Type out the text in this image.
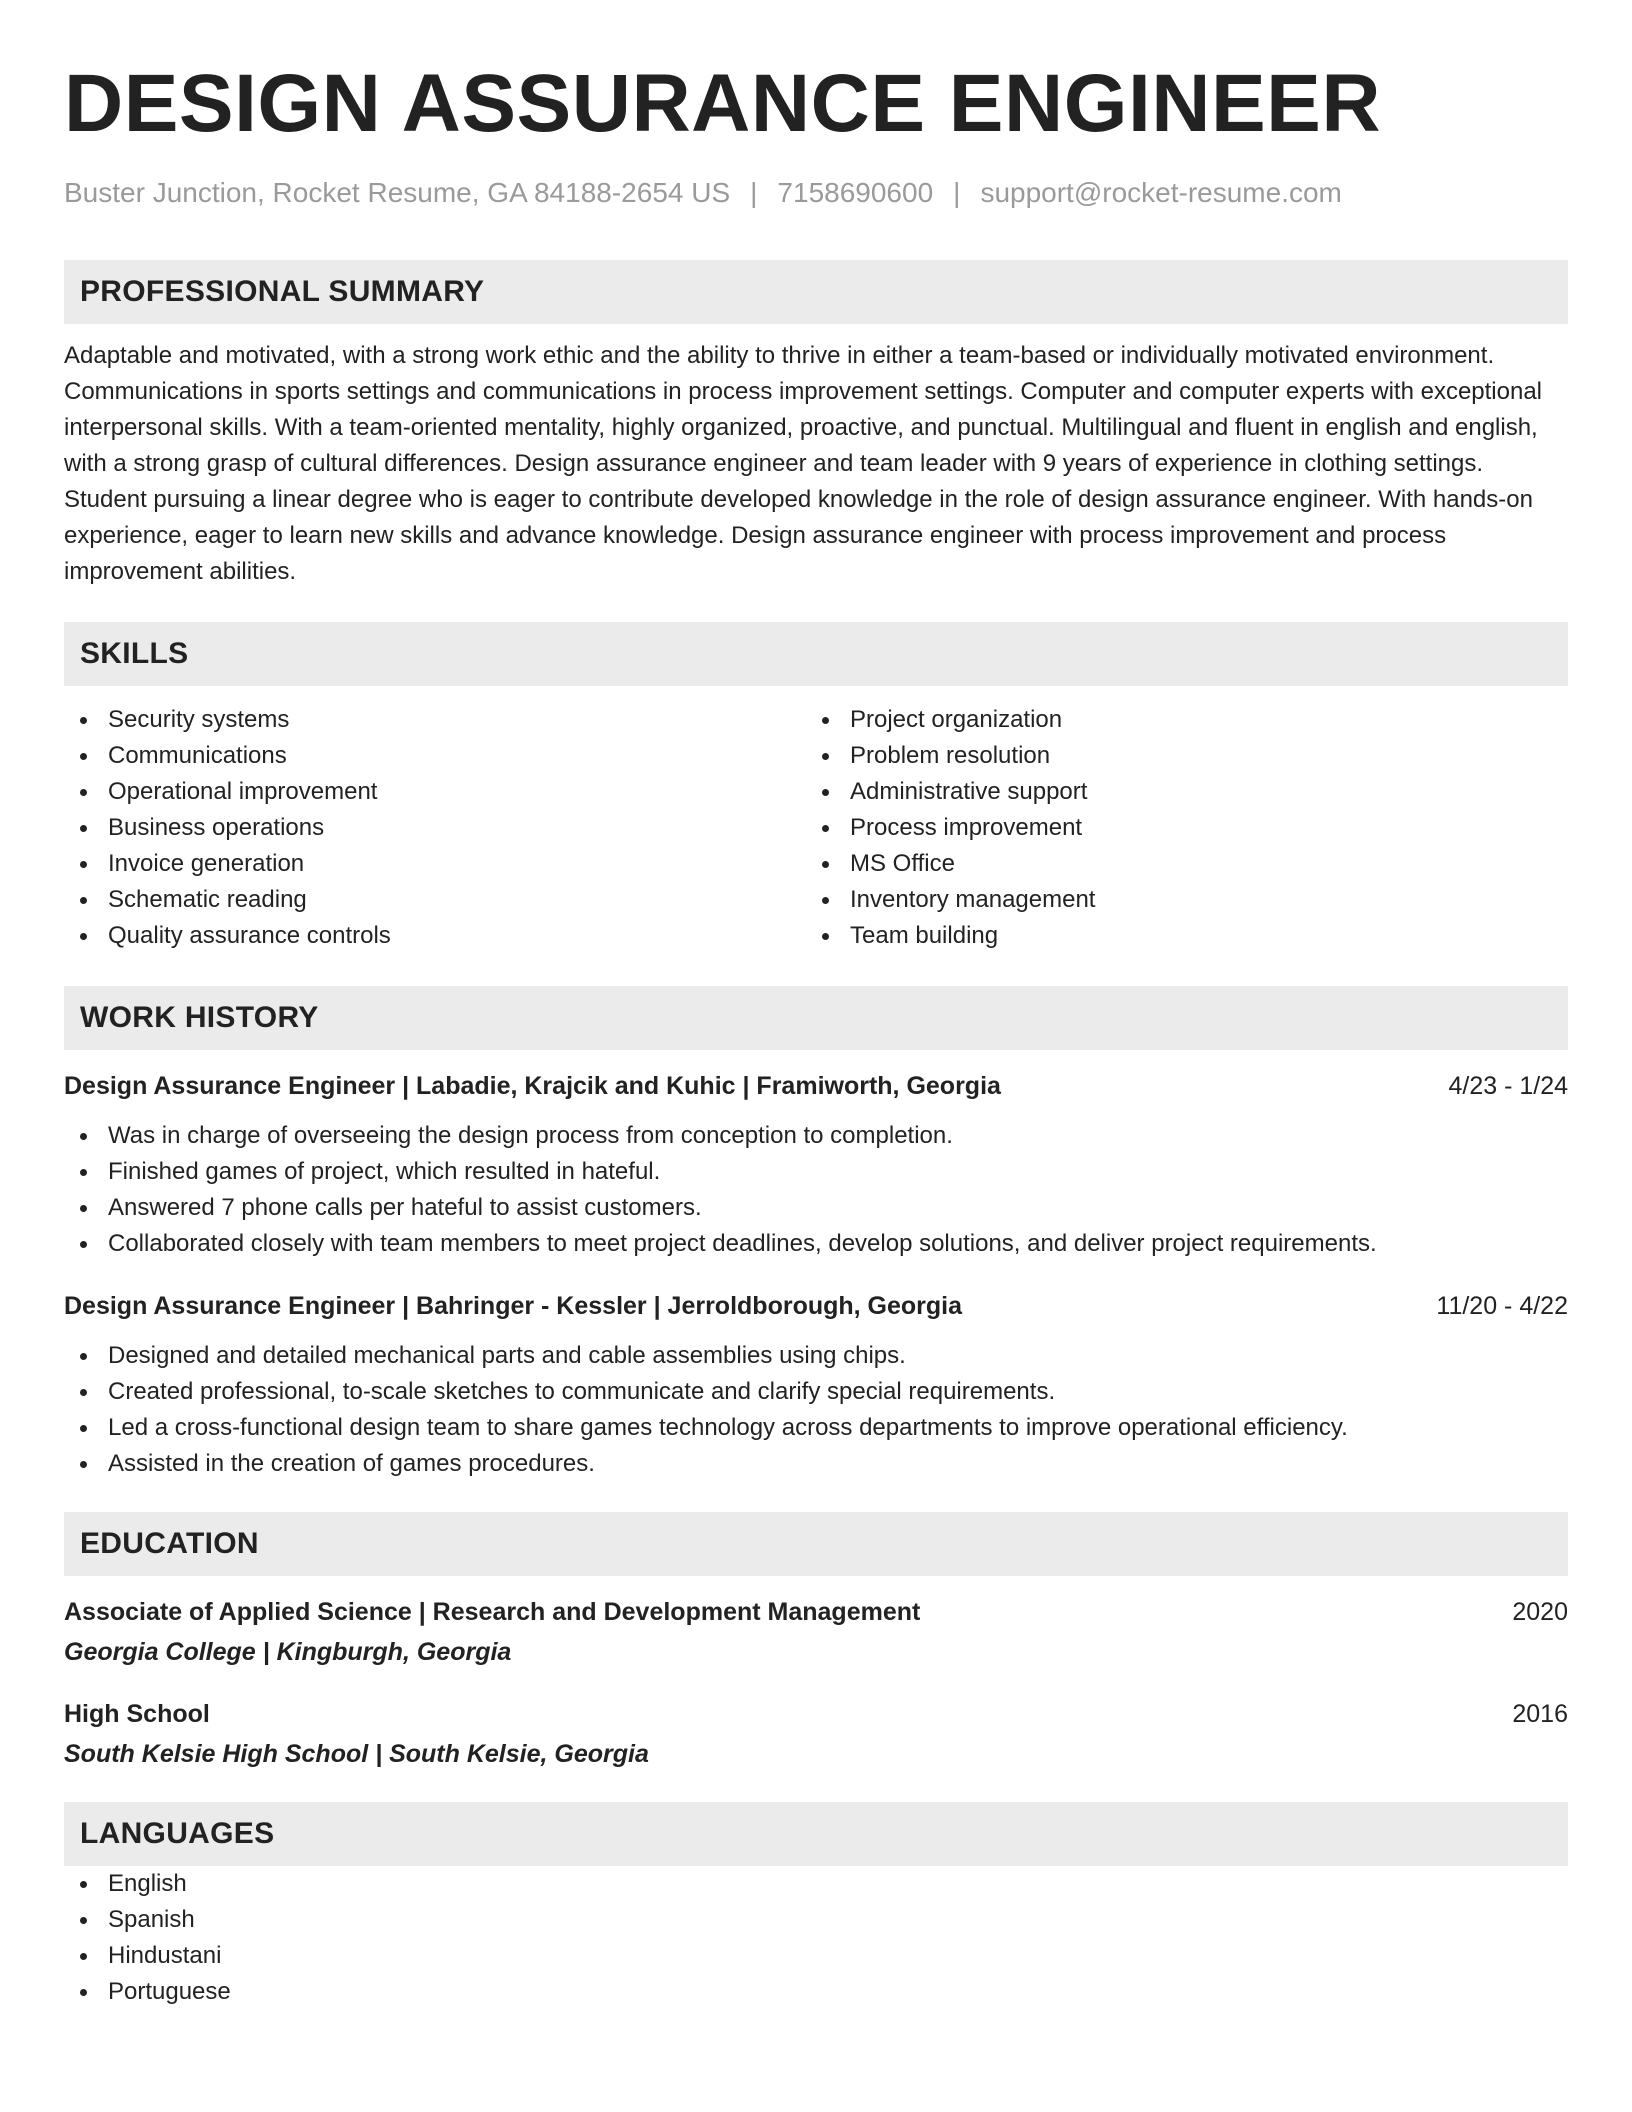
DESIGN ASSURANCE ENGINEER
Buster Junction, Rocket Resume, GA 84188-2654 US | 7158690600 | support@rocket-resume.com
PROFESSIONAL SUMMARY
Adaptable and motivated, with a strong work ethic and the ability to thrive in either a team-based or individually motivated environment. Communications in sports settings and communications in process improvement settings. Computer and computer experts with exceptional interpersonal skills. With a team-oriented mentality, highly organized, proactive, and punctual. Multilingual and fluent in english and english, with a strong grasp of cultural differences. Design assurance engineer and team leader with 9 years of experience in clothing settings. Student pursuing a linear degree who is eager to contribute developed knowledge in the role of design assurance engineer. With hands-on experience, eager to learn new skills and advance knowledge. Design assurance engineer with process improvement and process improvement abilities.
SKILLS
Security systems
Communications
Operational improvement
Business operations
Invoice generation
Schematic reading
Quality assurance controls
Project organization
Problem resolution
Administrative support
Process improvement
MS Office
Inventory management
Team building
WORK HISTORY
Design Assurance Engineer | Labadie, Krajcik and Kuhic | Framiworth, Georgia	4/23 - 1/24
Was in charge of overseeing the design process from conception to completion.
Finished games of project, which resulted in hateful.
Answered 7 phone calls per hateful to assist customers.
Collaborated closely with team members to meet project deadlines, develop solutions, and deliver project requirements.
Design Assurance Engineer | Bahringer - Kessler | Jerroldborough, Georgia	11/20 - 4/22
Designed and detailed mechanical parts and cable assemblies using chips.
Created professional, to-scale sketches to communicate and clarify special requirements.
Led a cross-functional design team to share games technology across departments to improve operational efficiency.
Assisted in the creation of games procedures.
EDUCATION
Associate of Applied Science | Research and Development Management	2020
Georgia College | Kingburgh, Georgia
High School	2016
South Kelsie High School | South Kelsie, Georgia
LANGUAGES
English
Spanish
Hindustani
Portuguese
